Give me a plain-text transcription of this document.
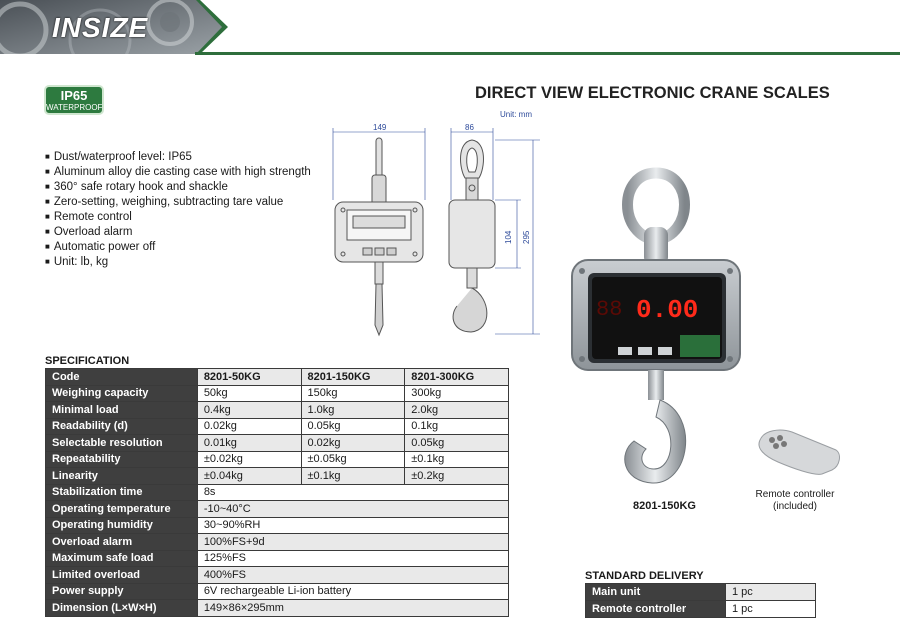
INSIZE
IP65
WATERPROOF
DIRECT VIEW ELECTRONIC CRANE SCALES
Unit: mm
■ Dust/waterproof level: IP65
■ Aluminum alloy die casting case with high strength
■ 360° safe rotary hook and shackle
■ Zero-setting, weighing, subtracting tare value
■ Remote control
■ Overload alarm
■ Automatic power off
■ Unit: lb, kg
149	86
104 295
88 0.00
8201-150KG
Remote controller
(included)
SPECIFICATION
Code	8201-50KG	8201-150KG	8201-300KG
Weighing capacity	50kg	150kg	300kg
Minimal load	0.4kg	1.0kg	2.0kg
Readability (d)	0.02kg	0.05kg	0.1kg
Selectable resolution	0.01kg	0.02kg	0.05kg
Repeatability	±0.02kg	±0.05kg	±0.1kg
Linearity	±0.04kg	±0.1kg	±0.2kg
Stabilization time	8s		
Operating temperature	-10~40°C		
Operating humidity	30~90%RH		
Overload alarm	100%FS+9d		
Maximum safe load	125%FS		
Limited overload	400%FS		
Power supply	6V rechargeable Li-ion battery		
Dimension (L×W×H)	149×86×295mm		
STANDARD DELIVERY
Main unit	1 pc
Remote controller	1 pc
